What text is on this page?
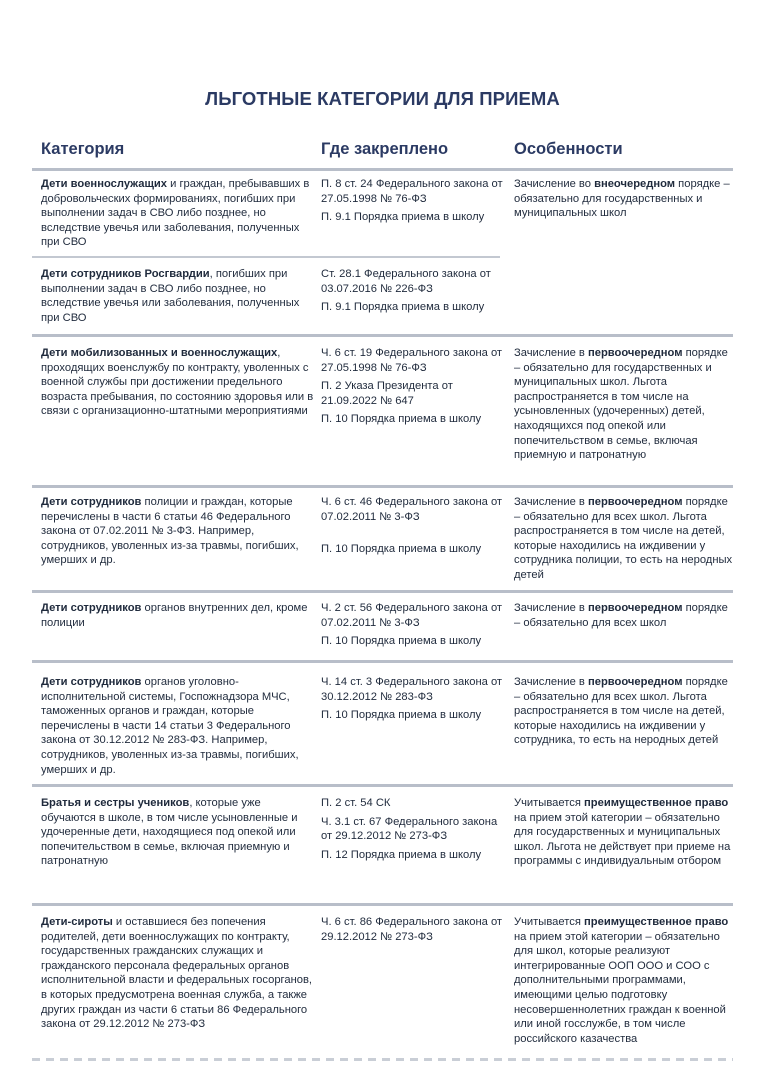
ЛЬГОТНЫЕ КАТЕГОРИИ ДЛЯ ПРИЕМА
Категория	Где закреплено	Особенности
Дети военнослужащих и граждан, пребывавших в добровольческих формированиях, погибших при выполнении задач в СВО либо позднее, но вследствие увечья или заболевания, полученных при СВО

П. 8 ст. 24 Федерального закона от 27.05.1998 № 76-ФЗ

П. 9.1 Порядка приема в школу

Зачисление во внеочередном порядке – обязательно для государственных и муниципальных школ
Дети сотрудников Росгвардии, погибших при выполнении задач в СВО либо позднее, но вследствие увечья или заболевания, полученных при СВО

Ст. 28.1 Федерального закона от 03.07.2016 № 226-ФЗ

П. 9.1 Порядка приема в школу

Дети мобилизованных и военнослужащих, проходящих военслужбу по контракту, уволенных с военной службы при достижении предельного возраста пребывания, по состоянию здоровья или в связи с организационно-штатными мероприятиями

Ч. 6 ст. 19 Федерального закона от 27.05.1998 № 76-ФЗ

П. 2 Указа Президента от 21.09.2022 № 647

П. 10 Порядка приема в школу

Зачисление в первоочередном порядке – обязательно для государственных и муниципальных школ. Льгота распространяется в том числе на усыновленных (удочеренных) детей, находящихся под опекой или попечительством в семье, включая приемную и патронатную
Дети сотрудников полиции и граждан, которые перечислены в части 6 статьи 46 Федерального закона от 07.02.2011 № 3-ФЗ. Например, сотрудников, уволенных из-за травмы, погибших, умерших и др.

Ч. 6 ст. 46 Федерального закона от 07.02.2011 № 3-ФЗ

П. 10 Порядка приема в школу

Зачисление в первоочередном порядке – обязательно для всех школ. Льгота распространяется в том числе на детей, которые находились на иждивении у сотрудника полиции, то есть на неродных детей
Дети сотрудников органов внутренних дел, кроме полиции

Ч. 2 ст. 56 Федерального закона от 07.02.2011 № 3-ФЗ

П. 10 Порядка приема в школу

Зачисление в первоочередном порядке – обязательно для всех школ
Дети сотрудников органов уголовно-исполнительной системы, Госпожнадзора МЧС, таможенных органов и граждан, которые перечислены в части 14 статьи 3 Федерального закона от 30.12.2012 № 283-ФЗ. Например, сотрудников, уволенных из-за травмы, погибших, умерших и др.

Ч. 14 ст. 3 Федерального закона от 30.12.2012 № 283-ФЗ

П. 10 Порядка приема в школу

Зачисление в первоочередном порядке – обязательно для всех школ. Льгота распространяется в том числе на детей, которые находились на иждивении у сотрудника, то есть на неродных детей
Братья и сестры учеников, которые уже обучаются в школе, в том числе усыновленные и удочеренные дети, находящиеся под опекой или попечительством в семье, включая приемную и патронатную

П. 2 ст. 54 СК

Ч. 3.1 ст. 67 Федерального закона от 29.12.2012 № 273-ФЗ

П. 12 Порядка приема в школу

Учитывается преимущественное право на прием этой категории – обязательно для государственных и муниципальных школ. Льгота не действует при приеме на программы с индивидуальным отбором
Дети-сироты и оставшиеся без попечения родителей, дети военнослужащих по контракту, государственных гражданских служащих и гражданского персонала федеральных органов исполнительной власти и федеральных госорганов, в которых предусмотрена военная служба, а также других граждан из части 6 статьи 86 Федерального закона от 29.12.2012 № 273-ФЗ

Ч. 6 ст. 86 Федерального закона от 29.12.2012 № 273-ФЗ

Учитывается преимущественное право на прием этой категории – обязательно для школ, которые реализуют интегрированные ООП ООО и СОО с дополнительными программами, имеющими целью подготовку несовершеннолетних граждан к военной или иной госслужбе, в том числе российского казачества
